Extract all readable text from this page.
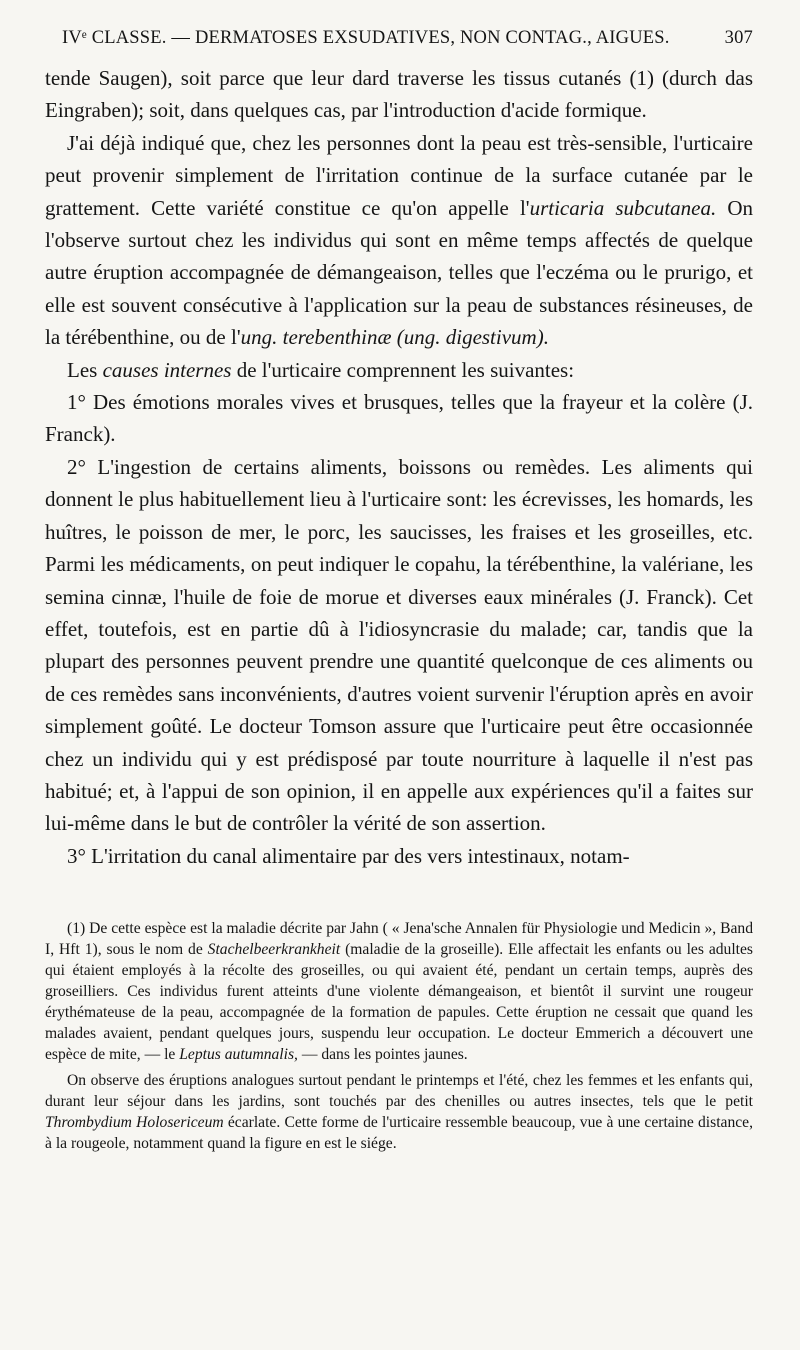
IVᵉ CLASSE. — DERMATOSES EXSUDATIVES, NON CONTAG., AIGUES.	307

tende Saugen), soit parce que leur dard traverse les tissus cutanés (1) (durch das Eingraben); soit, dans quelques cas, par l'introduction d'acide formique.

J'ai déjà indiqué que, chez les personnes dont la peau est très-sensible, l'urticaire peut provenir simplement de l'irritation continue de la surface cutanée par le grattement. Cette variété constitue ce qu'on appelle l'urticaria subcutanea. On l'observe surtout chez les individus qui sont en même temps affectés de quelque autre éruption accompagnée de démangeaison, telles que l'eczéma ou le prurigo, et elle est souvent consécutive à l'application sur la peau de substances résineuses, de la térébenthine, ou de l'ung. terebenthinæ (ung. digestivum).

Les causes internes de l'urticaire comprennent les suivantes:

1° Des émotions morales vives et brusques, telles que la frayeur et la colère (J. Franck).

2° L'ingestion de certains aliments, boissons ou remèdes. Les aliments qui donnent le plus habituellement lieu à l'urticaire sont: les écrevisses, les homards, les huîtres, le poisson de mer, le porc, les saucisses, les fraises et les groseilles, etc. Parmi les médicaments, on peut indiquer le copahu, la térébenthine, la valériane, les semina cinnæ, l'huile de foie de morue et diverses eaux minérales (J. Franck). Cet effet, toutefois, est en partie dû à l'idiosyncrasie du malade; car, tandis que la plupart des personnes peuvent prendre une quantité quelconque de ces aliments ou de ces remèdes sans inconvénients, d'autres voient survenir l'éruption après en avoir simplement goûté. Le docteur Tomson assure que l'urticaire peut être occasionnée chez un individu qui y est prédisposé par toute nourriture à laquelle il n'est pas habitué; et, à l'appui de son opinion, il en appelle aux expériences qu'il a faites sur lui-même dans le but de contrôler la vérité de son assertion.

3° L'irritation du canal alimentaire par des vers intestinaux, notam-

(1) De cette espèce est la maladie décrite par Jahn ( « Jena'sche Annalen für Physiologie und Medicin », Band I, Hft 1), sous le nom de Stachelbeerkrankheit (maladie de la groseille). Elle affectait les enfants ou les adultes qui étaient employés à la récolte des groseilles, ou qui avaient été, pendant un certain temps, auprès des groseilliers. Ces individus furent atteints d'une violente démangeaison, et bientôt il survint une rougeur érythémateuse de la peau, accompagnée de la formation de papules. Cette éruption ne cessait que quand les malades avaient, pendant quelques jours, suspendu leur occupation. Le docteur Emmerich a découvert une espèce de mite, — le Leptus autumnalis, — dans les pointes jaunes.

On observe des éruptions analogues surtout pendant le printemps et l'été, chez les femmes et les enfants qui, durant leur séjour dans les jardins, sont touchés par des chenilles ou autres insectes, tels que le petit Thrombydium Holosericeum écarlate. Cette forme de l'urticaire ressemble beaucoup, vue à une certaine distance, à la rougeole, notamment quand la figure en est le siége.
